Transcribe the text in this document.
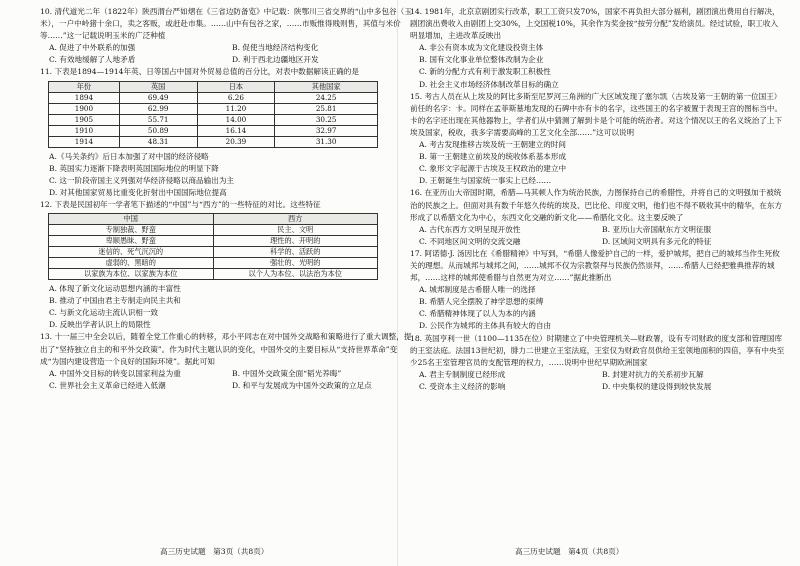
10. 清代道光二年（1822年）陕西渭台严如熠在《三省边防备览》中记载：陕鄂川三省交界的“山中多包谷（玉米），一户中岭猪十余口，卖之客贩，或赶赴市集。……山中有包谷之家，……市贩惟得贱则售，其值与米价等……”这一记载说明玉米的广泛种植

A. 促进了中外联系的加强	B. 促使当地经济结构变化
C. 有效地缓解了人地矛盾	D. 利于西北边疆地区开发

11. 下表是1894—1914年英、日等国占中国对外贸易总值的百分比，对表中数据解读正确的是

年份	英国	日本	其他国家
1894	69.49	6.26	24.25
1900	62.99	11.20	25.81
1905	55.71	14.00	30.25
1910	50.89	16.14	32.97
1914	48.31	20.39	31.30
A.《马关条约》后日本加强了对中国的经济侵略
B. 英国实力逐渐下降表明英国国际地位的明显下降
C. 这一阶段帝国主义列强对华经济侵略以商品输出为主
D. 对其他国家贸易比重变化折射出中国国际地位提高

12. 下表是民国初年一学者笔下描述的“中国”与“西方”的一些特征的对比。这些特征

中国	西方
专制独裁、野蛮	民主、文明
卑顺愚昧、野蛮	理性的、开明的
迷信的、死气沉沉的	科学的、活跃的
虚弱的、黑暗的	强壮的、光明的
以家族为本位、以家族为本位	以个人为本位、以法治为本位
A. 体现了新文化运动思想内涵的丰富性
B. 推动了中国由君主专制走向民主共和
C. 与新文化运动主流认识相一致
D. 反映出学者认识上的局限性

13. 十一届三中全会以后，随着全党工作重心的转移，邓小平同志在对中国外交战略和策略进行了重大调整，提出了“坚持独立自主的和平外交政策”。作为时代主题认识的变化，中国外交的主要目标从“支持世界革命”变成“为国内建设营造一个良好的国际环境”。据此可知

A. 中国外交目标的转变以国家利益为重	B. 中国外交政策全面“韬光养晦”
C. 世界社会主义革命已经进入低潮	D. 和平与发展成为中国外交政策的立足点

14. 1981年，北京京剧团实行改革，职工工资只发70%，国家不再负担大部分福利，剧团演出费用自行解决，剧团演出费收入由剧团上交30%，上交国税10%，其余作为奖金按“按劳分配”发给演员。经过试验，职工收入明显增加，主进改革反映出

A. 非公有资本成为文化建设投资主体
B. 国有文化事业单位整体改制为企业
C. 新的分配方式有利于激发职工积极性
D. 社会主义市场经济体制改革目标的确立

15. 考古人员在从上埃及的阿比多斯至尼罗河三角洲的广大区域发现了塞尔凯（古埃及第一王朝的第一位国王）前任的名字：卡。同样在孟菲斯墓地发现的石碑中亦有卡的名字，这些国王的名字被置于表现王宫的图标当中。卡的名字还出现在其他器物上，学者们从中猜测了解到卡是个可能的统治者。对这个情况以王的名义统治了上下埃及国家，税收，我多字需要高峰的工艺文化全部……”这可以说明

A. 考古发现推移古埃及统一王朝建立的时间
B. 第一王朝建立前埃及的统收体系基本形成
C. 象形文字起源于古埃及王权政治的建立中
D. 王朝诞生与国家统一事实上已经……

16. 在亚历山大帝国时期，希腊—马其顿人作为统治民族，力图保持自己的希腊性，并将自己的文明强加于被统治的民族之上。但面对具有数千年悠久传统的埃及、巴比伦、印度文明，他们也不得不吸收其中的精华，在东方形成了以希腊文化为中心，东西文化交融的新文化——希腊化文化。这主要反映了

A. 古代东西方文明呈现开放性	B. 亚历山大帝国献东方文明征服
C. 不同地区间文明的交流交融	D. 区域间文明具有多元化的特征

17. 阿诺德·J. 汤因比在《希腊精神》中写到，“希腊人像爱护自己的一样，爱护城邦，把自己的城邦当作生死攸关的理想。从而城邦与城邦之间，……城邦不仅为宗教祭拜与民族仍然崇拜，……希腊人已经把雅典推荐的城邦，……这样的城邦使希腊与自然更为对立……”据此推断出

A. 城邦制度是古希腊人唯一的选择
B. 希腊人完全摆脱了神学思想的束缚
C. 希腊精神体现了以人为本的内涵
D. 公民作为城邦的主体具有较大的自由

18. 英国亨利一世（1100—1135在位）时期建立了中央管理机关—财政署，设有专司财政的度支部和管理国库的王室法庭。法国13世纪初，腓力二世建立王室法庭，王室仅为财政官员供给王室领地面积的四倍，享有中央至少25名王室管理官员的支配管理的权力，……说明中世纪早期欧洲国家

A. 君主专制制度已经形成	B. 封建对抗力的关系初步瓦解
C. 受资本主义经济的影响	D. 中央集权的建设得到较快发展
高三历史试题　第3页（共8页）	高三历史试题　第4页（共8页）
